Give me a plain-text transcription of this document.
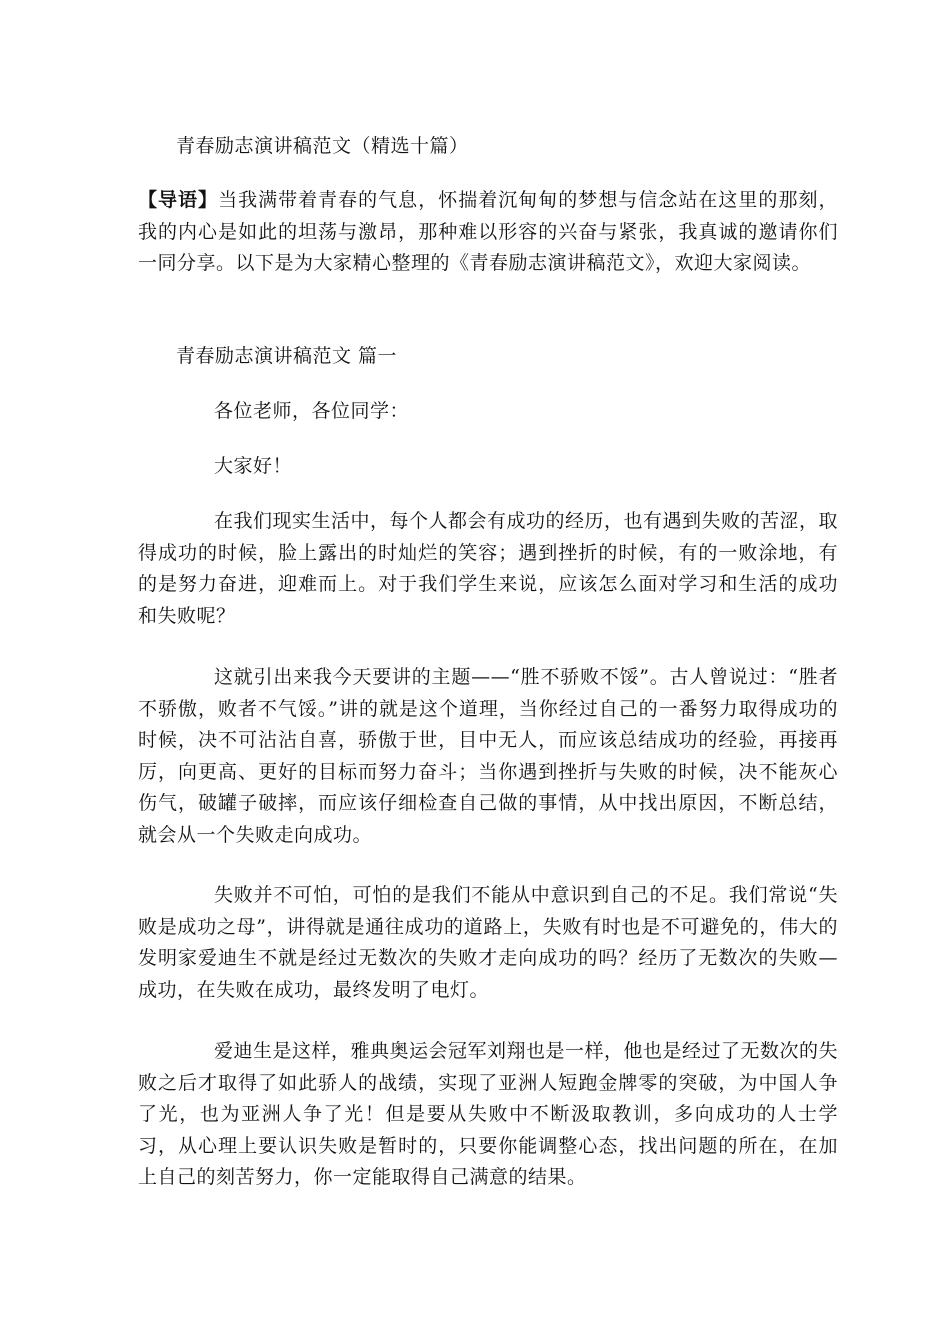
青春励志演讲稿范文（精选十篇）

【导语】当我满带着青春的气息，怀揣着沉甸甸的梦想与信念站在这里的那刻，我的内心是如此的坦荡与激昂，那种难以形容的兴奋与紧张，我真诚的邀请你们一同分享。以下是为大家精心整理的《青春励志演讲稿范文》，欢迎大家阅读。

青春励志演讲稿范文 篇一

各位老师，各位同学：

大家好！

在我们现实生活中，每个人都会有成功的经历，也有遇到失败的苦涩，取得成功的时候，脸上露出的时灿烂的笑容；遇到挫折的时候，有的一败涂地，有的是努力奋进，迎难而上。对于我们学生来说，应该怎么面对学习和生活的成功和失败呢？

这就引出来我今天要讲的主题——“胜不骄败不馁”。古人曾说过：“胜者不骄傲，败者不气馁。”讲的就是这个道理，当你经过自己的一番努力取得成功的时候，决不可沾沾自喜，骄傲于世，目中无人，而应该总结成功的经验，再接再厉，向更高、更好的目标而努力奋斗；当你遇到挫折与失败的时候，决不能灰心伤气，破罐子破摔，而应该仔细检查自己做的事情，从中找出原因，不断总结，就会从一个失败走向成功。

失败并不可怕，可怕的是我们不能从中意识到自己的不足。我们常说“失败是成功之母”，讲得就是通往成功的道路上，失败有时也是不可避免的，伟大的发明家爱迪生不就是经过无数次的失败才走向成功的吗？经历了无数次的失败—成功，在失败在成功，最终发明了电灯。

爱迪生是这样，雅典奥运会冠军刘翔也是一样，他也是经过了无数次的失败之后才取得了如此骄人的战绩，实现了亚洲人短跑金牌零的突破，为中国人争了光，也为亚洲人争了光！但是要从失败中不断汲取教训，多向成功的人士学习，从心理上要认识失败是暂时的，只要你能调整心态，找出问题的所在，在加上自己的刻苦努力，你一定能取得自己满意的结果。
